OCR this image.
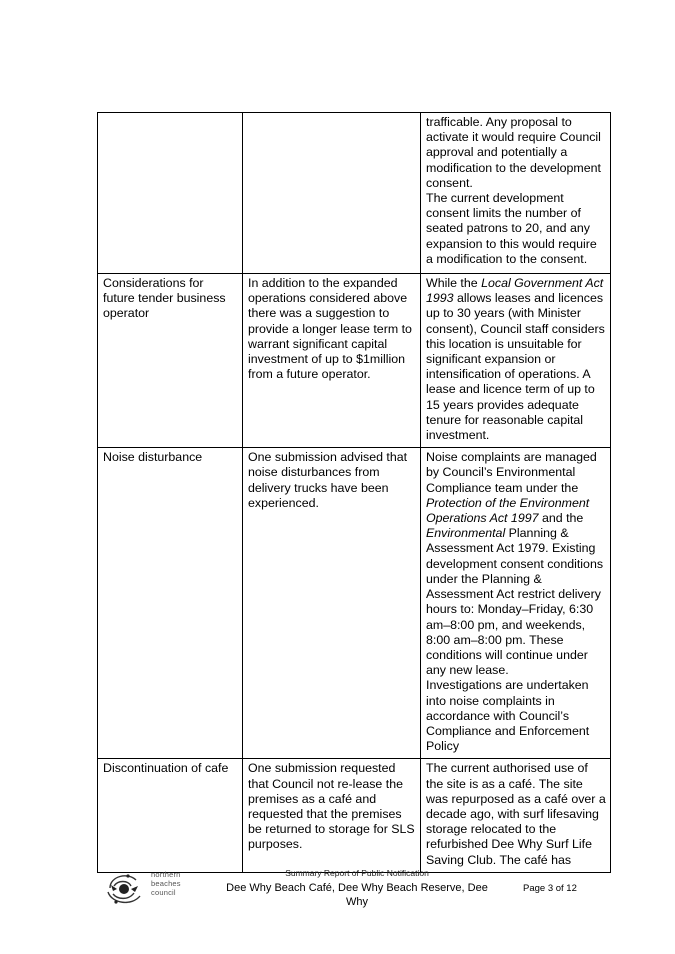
		trafficable. Any proposal to activate it would require Council approval and potentially a modification to the development consent.
The current development consent limits the number of seated patrons to 20, and any expansion to this would require a modification to the consent.
Considerations for future tender business operator	In addition to the expanded operations considered above there was a suggestion to provide a longer lease term to warrant significant capital investment of up to $1million from a future operator.	While the Local Government Act 1993 allows leases and licences up to 30 years (with Minister consent), Council staff considers this location is unsuitable for significant expansion or intensification of operations. A lease and licence term of up to 15 years provides adequate tenure for reasonable capital investment.
Noise disturbance	One submission advised that noise disturbances from delivery trucks have been experienced.	Noise complaints are managed by Council’s Environmental Compliance team under the Protection of the Environment Operations Act 1997 and the Environmental Planning & Assessment Act 1979. Existing development consent conditions under the Planning & Assessment Act restrict delivery hours to: Monday–Friday, 6:30 am–8:00 pm, and weekends, 8:00 am–8:00 pm. These conditions will continue under any new lease.
Investigations are undertaken into noise complaints in accordance with Council’s Compliance and Enforcement Policy
Discontinuation of cafe	One submission requested that Council not re-lease the premises as a café and requested that the premises be returned to storage for SLS purposes.	The current authorised use of the site is as a café. The site was repurposed as a café over a decade ago, with surf lifesaving storage relocated to the refurbished Dee Why Surf Life Saving Club. The café has
northern
beaches
council
Summary Report of Public Notification
Dee Why Beach Café, Dee Why Beach Reserve, Dee Why
Page 3 of 12
